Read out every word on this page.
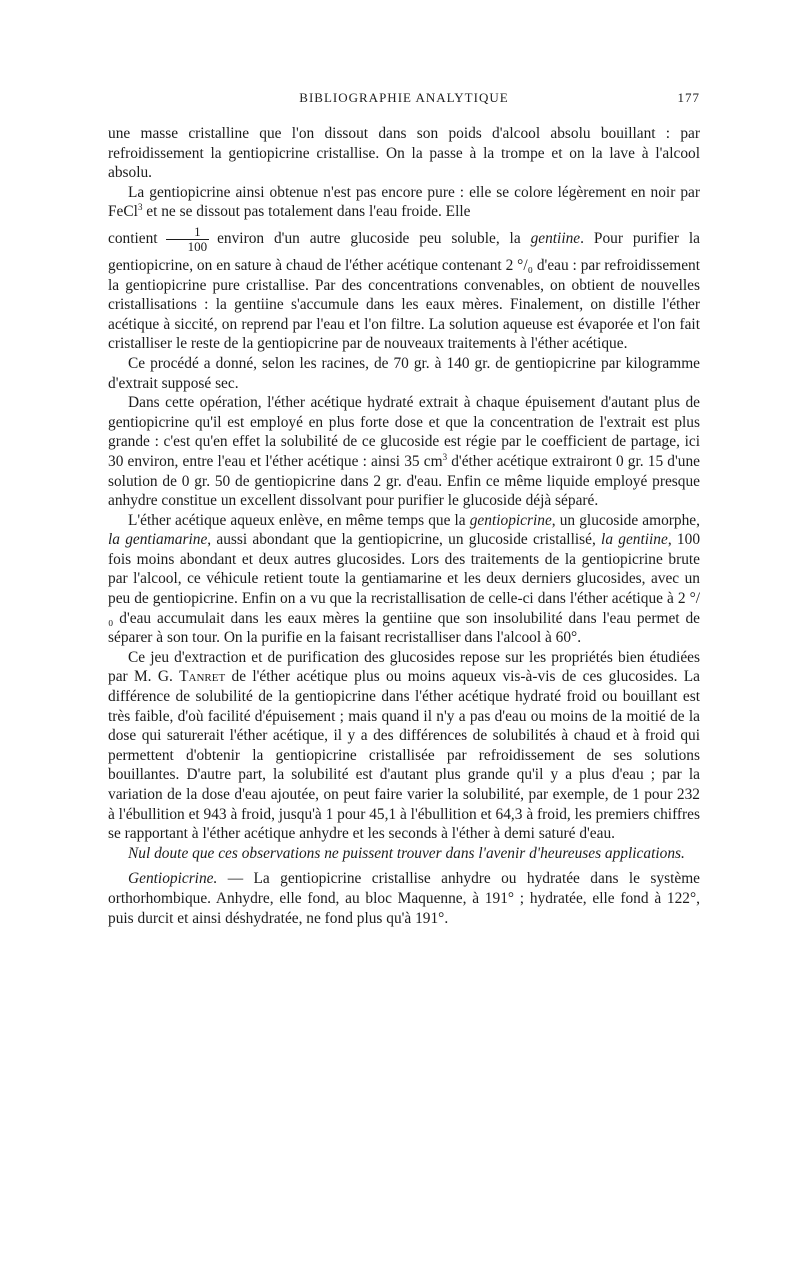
BIBLIOGRAPHIE ANALYTIQUE	177

une masse cristalline que l'on dissout dans son poids d'alcool absolu bouillant : par refroidissement la gentiopicrine cristallise. On la passe à la trompe et on la lave à l'alcool absolu.

La gentiopicrine ainsi obtenue n'est pas encore pure : elle se colore légèrement en noir par FeCl$^3$ et ne se dissout pas totalement dans l'eau froide. Elle
contient $\frac{1}{100}$ environ d'un autre glucoside peu soluble, la gentiine. Pour purifier la gentiopicrine, on en sature à chaud de l'éther acétique contenant 2 °/₀ d'eau : par refroidissement la gentiopicrine pure cristallise. Par des concentrations convenables, on obtient de nouvelles cristallisations : la gentiine s'accumule dans les eaux mères. Finalement, on distille l'éther acétique à siccité, on reprend par l'eau et l'on filtre. La solution aqueuse est évaporée et l'on fait cristalliser le reste de la gentiopicrine par de nouveaux traitements à l'éther acétique.

Ce procédé a donné, selon les racines, de 70 gr. à 140 gr. de gentiopicrine par kilogramme d'extrait supposé sec.

Dans cette opération, l'éther acétique hydraté extrait à chaque épuisement d'autant plus de gentiopicrine qu'il est employé en plus forte dose et que la concentration de l'extrait est plus grande : c'est qu'en effet la solubilité de ce glucoside est régie par le coefficient de partage, ici 30 environ, entre l'eau et l'éther acétique : ainsi 35 $cm^3$ d'éther acétique extrairont 0 gr. 15 d'une solution de 0 gr. 50 de gentiopicrine dans 2 gr. d'eau. Enfin ce même liquide employé presque anhydre constitue un excellent dissolvant pour purifier le glucoside déjà séparé.

L'éther acétique aqueux enlève, en même temps que la gentiopicrine, un glucoside amorphe, la gentiamarine, aussi abondant que la gentiopicrine, un glucoside cristallisé, la gentiine, 100 fois moins abondant et deux autres glucosides. Lors des traitements de la gentiopicrine brute par l'alcool, ce véhicule retient toute la gentiamarine et les deux derniers glucosides, avec un peu de gentiopicrine. Enfin on a vu que la recristallisation de celle-ci dans l'éther acétique à 2 °/₀ d'eau accumulait dans les eaux mères la gentiine que son insolubilité dans l'eau permet de séparer à son tour. On la purifie en la faisant recristalliser dans l'alcool à 60°.

Ce jeu d'extraction et de purification des glucosides repose sur les propriétés bien étudiées par M. G. Tanret de l'éther acétique plus ou moins aqueux vis-à-vis de ces glucosides. La différence de solubilité de la gentiopicrine dans l'éther acétique hydraté froid ou bouillant est très faible, d'où facilité d'épuisement ; mais quand il n'y a pas d'eau ou moins de la moitié de la dose qui saturerait l'éther acétique, il y a des différences de solubilités à chaud et à froid qui permettent d'obtenir la gentiopicrine cristallisée par refroidissement de ses solutions bouillantes. D'autre part, la solubilité est d'autant plus grande qu'il y a plus d'eau ; par la variation de la dose d'eau ajoutée, on peut faire varier la solubilité, par exemple, de 1 pour 232 à l'ébullition et 943 à froid, jusqu'à 1 pour 45,1 à l'ébullition et 64,3 à froid, les premiers chiffres se rapportant à l'éther acétique anhydre et les seconds à l'éther à demi saturé d'eau.

Nul doute que ces observations ne puissent trouver dans l'avenir d'heureuses applications.

Gentiopicrine. — La gentiopicrine cristallise anhydre ou hydratée dans le système orthorhombique. Anhydre, elle fond, au bloc Maquenne, à 191° ; hydratée, elle fond à 122°, puis durcit et ainsi déshydratée, ne fond plus qu'à 191°.
